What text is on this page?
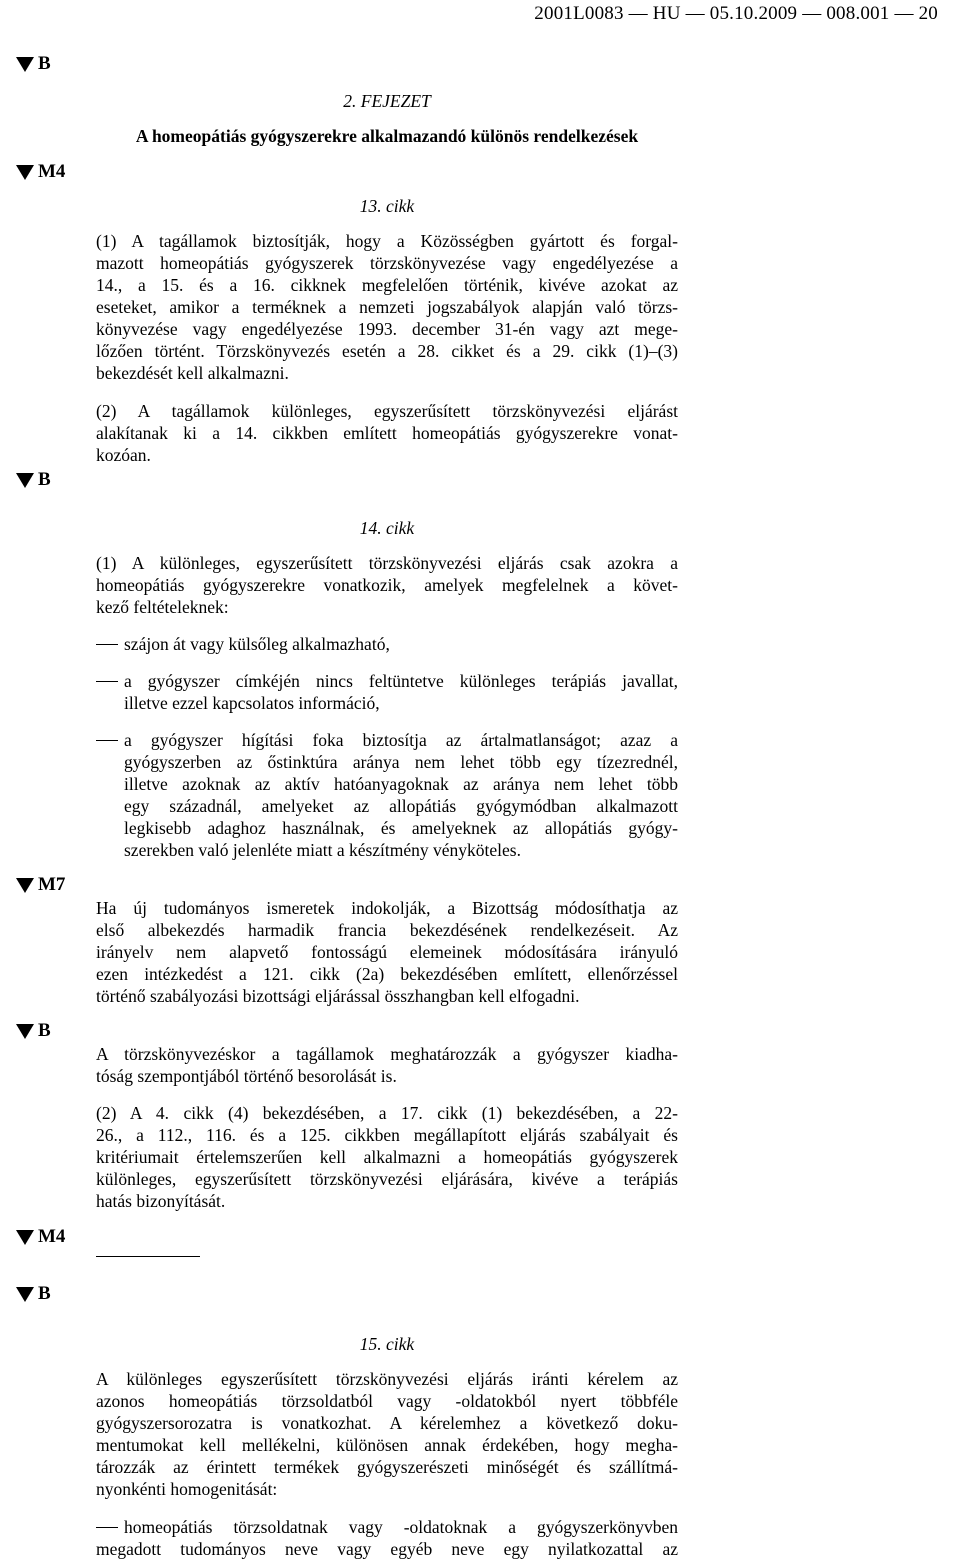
2001L0083 — HU — 05.10.2009 — 008.001 — 20
B
M4
B
M7
B
M4
B
2. FEJEZET
A homeopátiás gyógyszerekre alkalmazandó különös rendelkezések
13. cikk
(1) A tagállamok biztosítják, hogy a Közösségben gyártott és forgal-
mazott homeopátiás gyógyszerek törzskönyvezése vagy engedélyezése a
14., a 15. és a 16. cikknek megfelelően történik, kivéve azokat az
eseteket, amikor a terméknek a nemzeti jogszabályok alapján való törzs-
könyvezése vagy engedélyezése 1993. december 31-én vagy azt mege-
lőzően történt. Törzskönyvezés esetén a 28. cikket és a 29. cikk (1)–(3)
bekezdését kell alkalmazni.
(2) A tagállamok különleges, egyszerűsített törzskönyvezési eljárást
alakítanak ki a 14. cikkben említett homeopátiás gyógyszerekre vonat-
kozóan.
14. cikk
(1) A különleges, egyszerűsített törzskönyvezési eljárás csak azokra a
homeopátiás gyógyszerekre vonatkozik, amelyek megfelelnek a követ-
kező feltételeknek:
szájon át vagy külsőleg alkalmazható,
a gyógyszer címkéjén nincs feltüntetve különleges terápiás javallat,
illetve ezzel kapcsolatos információ,
a gyógyszer hígítási foka biztosítja az ártalmatlanságot; azaz a
gyógyszerben az őstinktúra aránya nem lehet több egy tízezrednél,
illetve azoknak az aktív hatóanyagoknak az aránya nem lehet több
egy századnál, amelyeket az allopátiás gyógymódban alkalmazott
legkisebb adaghoz használnak, és amelyeknek az allopátiás gyógy-
szerekben való jelenléte miatt a készítmény vényköteles.
Ha új tudományos ismeretek indokolják, a Bizottság módosíthatja az
első albekezdés harmadik francia bekezdésének rendelkezéseit. Az
irányelv nem alapvető fontosságú elemeinek módosítására irányuló
ezen intézkedést a 121. cikk (2a) bekezdésében említett, ellenőrzéssel
történő szabályozási bizottsági eljárással összhangban kell elfogadni.
A törzskönyvezéskor a tagállamok meghatározzák a gyógyszer kiadha-
tóság szempontjából történő besorolását is.
(2) A 4. cikk (4) bekezdésében, a 17. cikk (1) bekezdésében, a 22-
26., a 112., 116. és a 125. cikkben megállapított eljárás szabályait és
kritériumait értelemszerűen kell alkalmazni a homeopátiás gyógyszerek
különleges, egyszerűsített törzskönyvezési eljárására, kivéve a terápiás
hatás bizonyítását.
15. cikk
A különleges egyszerűsített törzskönyvezési eljárás iránti kérelem az
azonos homeopátiás törzsoldatból vagy -oldatokból nyert többféle
gyógyszersorozatra is vonatkozhat. A kérelemhez a következő doku-
mentumokat kell mellékelni, különösen annak érdekében, hogy megha-
tározzák az érintett termékek gyógyszerészeti minőségét és szállítmá-
nyonkénti homogenitását:
homeopátiás törzsoldatnak vagy -oldatoknak a gyógyszerkönyvben
megadott tudományos neve vagy egyéb neve egy nyilatkozattal az
